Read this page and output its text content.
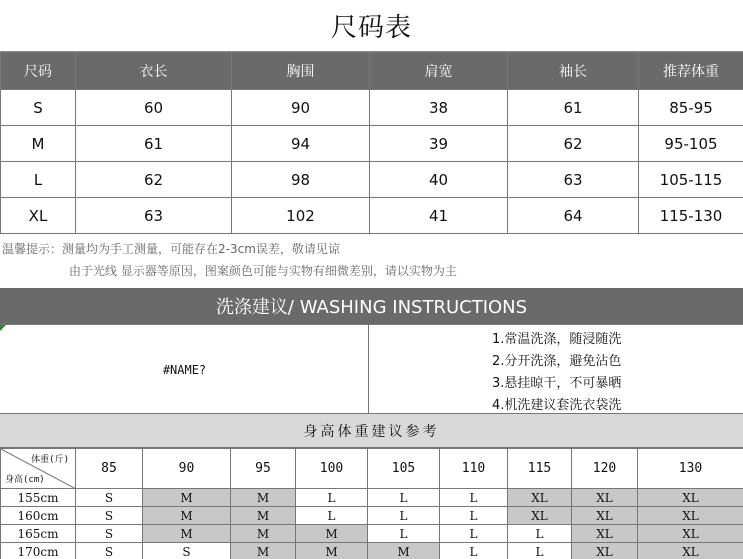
尺码表
尺码	衣长	胸围	肩宽	袖长	推荐体重
S	60	90	38	61	85-95
M	61	94	39	62	95-105
L	62	98	40	63	105-115
XL	63	102	41	64	115-130
温馨提示：测量均为手工测量，可能存在2-3cm误差，敬请见谅
由于光线 显示器等原因，图案颜色可能与实物有细微差别，请以实物为主
洗涤建议/ WASHING INSTRUCTIONS
#NAME?
1.常温洗涤，随浸随洗
2.分开洗涤，避免沾色
3.悬挂晾干，不可暴晒
4.机洗建议套洗衣袋洗
身高体重建议参考
体重(斤)
身高(cm)	85	90	95	100	105	110	115	120	130
155cm	S	M	M	L	L	L	XL	XL	XL
160cm	S	M	M	L	L	L	XL	XL	XL
165cm	S	M	M	M	L	L	L	XL	XL
170cm	S	S	M	M	M	L	L	XL	XL
